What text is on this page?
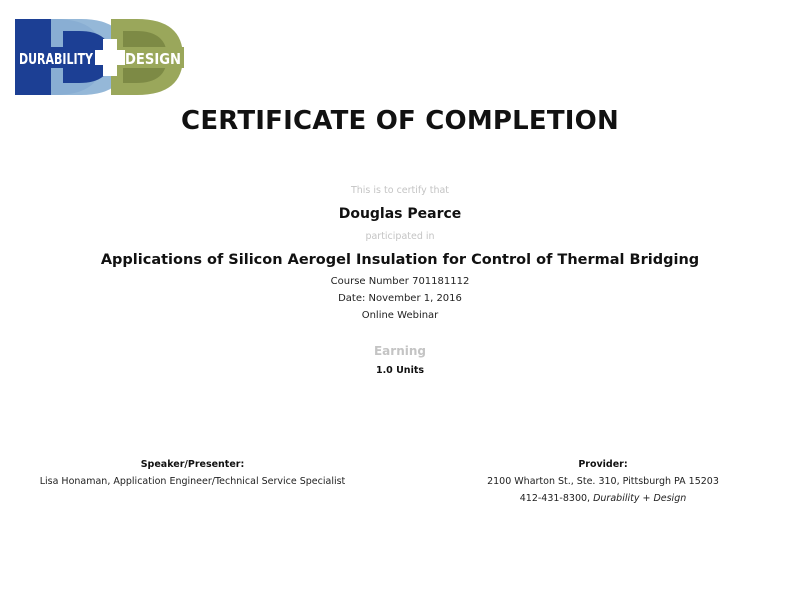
DURABILITY DESIGN
CERTIFICATE OF COMPLETION
This is to certify that
Douglas Pearce
participated in
Applications of Silicon Aerogel Insulation for Control of Thermal Bridging
Course Number 701181112
Date: November 1, 2016
Online Webinar
Earning
1.0 Units
Speaker/Presenter:
Lisa Honaman, Application Engineer/Technical Service Specialist
Provider:
2100 Wharton St., Ste. 310, Pittsburgh PA 15203
412-431-8300, Durability + Design
